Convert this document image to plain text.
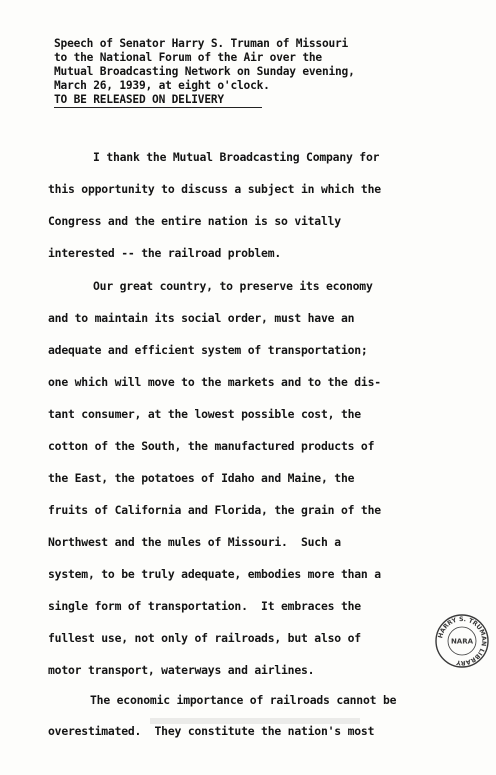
Speech of Senator Harry S. Truman of Missouri
to the National Forum of the Air over the
Mutual Broadcasting Network on Sunday evening,
March 26, 1939, at eight o'clock.
TO BE RELEASED ON DELIVERY
I thank the Mutual Broadcasting Company for
this opportunity to discuss a subject in which the
Congress and the entire nation is so vitally
interested -- the railroad problem.
Our great country, to preserve its economy
and to maintain its social order, must have an
adequate and efficient system of transportation;
one which will move to the markets and to the dis-
tant consumer, at the lowest possible cost, the
cotton of the South, the manufactured products of
the East, the potatoes of Idaho and Maine, the
fruits of California and Florida, the grain of the
Northwest and the mules of Missouri.  Such a
system, to be truly adequate, embodies more than a
single form of transportation.  It embraces the
fullest use, not only of railroads, but also of
motor transport, waterways and airlines.
The economic importance of railroads cannot be
overestimated.  They constitute the nation's most
HARRY S. TRUMAN LIBRARY
NARA
